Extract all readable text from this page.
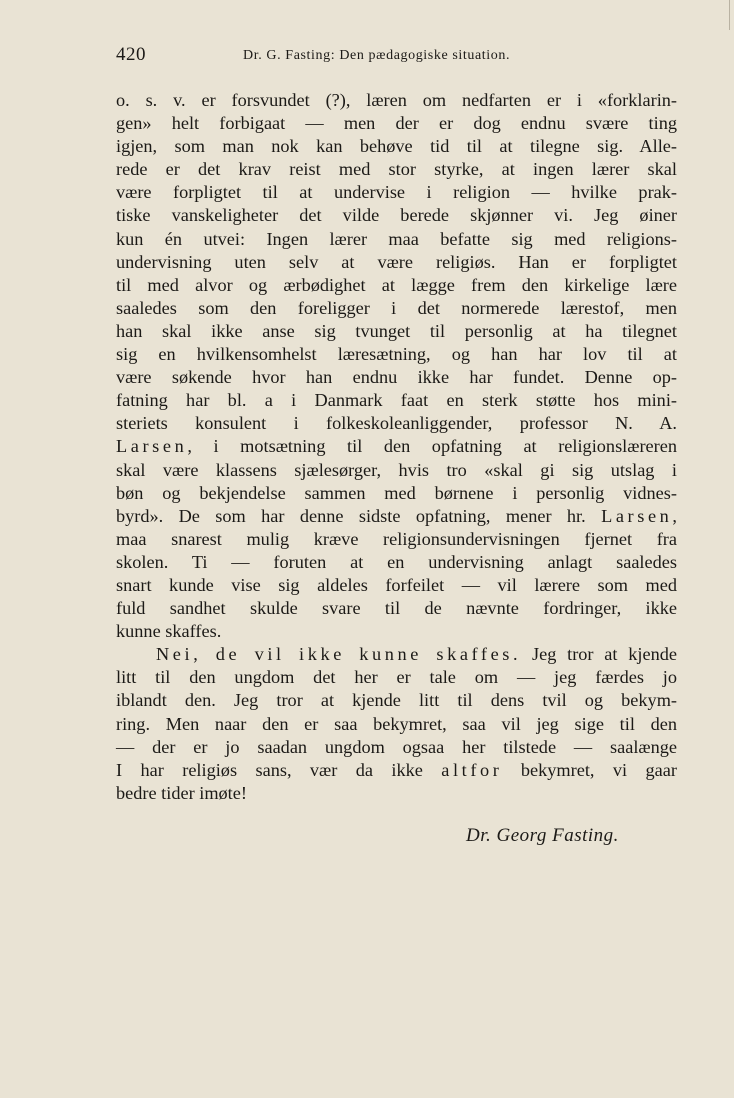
420	Dr. G. Fasting: Den pædagogiske situation.
o. s. v. er forsvundet (?), læren om nedfarten er i «forklarin-
gen» helt forbigaat — men der er dog endnu svære ting
igjen, som man nok kan behøve tid til at tilegne sig. Alle-
rede er det krav reist med stor styrke, at ingen lærer skal
være forpligtet til at undervise i religion — hvilke prak-
tiske vanskeligheter det vilde berede skjønner vi. Jeg øiner
kun én utvei: Ingen lærer maa befatte sig med religions-
undervisning uten selv at være religiøs. Han er forpligtet
til med alvor og ærbødighet at lægge frem den kirkelige lære
saaledes som den foreligger i det normerede lærestof, men
han skal ikke anse sig tvunget til personlig at ha tilegnet
sig en hvilkensomhelst læresætning, og han har lov til at
være søkende hvor han endnu ikke har fundet. Denne op-
fatning har bl. a i Danmark faat en sterk støtte hos mini-
steriets konsulent i folkeskoleanliggender, professor N. A.
Larsen, i motsætning til den opfatning at religionslæreren
skal være klassens sjælesørger, hvis tro «skal gi sig utslag i
bøn og bekjendelse sammen med børnene i personlig vidnes-
byrd». De som har denne sidste opfatning, mener hr. Larsen,
maa snarest mulig kræve religionsundervisningen fjernet fra
skolen. Ti — foruten at en undervisning anlagt saaledes
snart kunde vise sig aldeles forfeilet — vil lærere som med
fuld sandhet skulde svare til de nævnte fordringer, ikke
kunne skaffes.
Nei, de vil ikke kunne skaffes. Jeg tror at kjende
litt til den ungdom det her er tale om — jeg færdes jo
iblandt den. Jeg tror at kjende litt til dens tvil og bekym-
ring. Men naar den er saa bekymret, saa vil jeg sige til den
— der er jo saadan ungdom ogsaa her tilstede — saalænge
I har religiøs sans, vær da ikke altfor bekymret, vi gaar
bedre tider imøte!
Dr. Georg Fasting.
